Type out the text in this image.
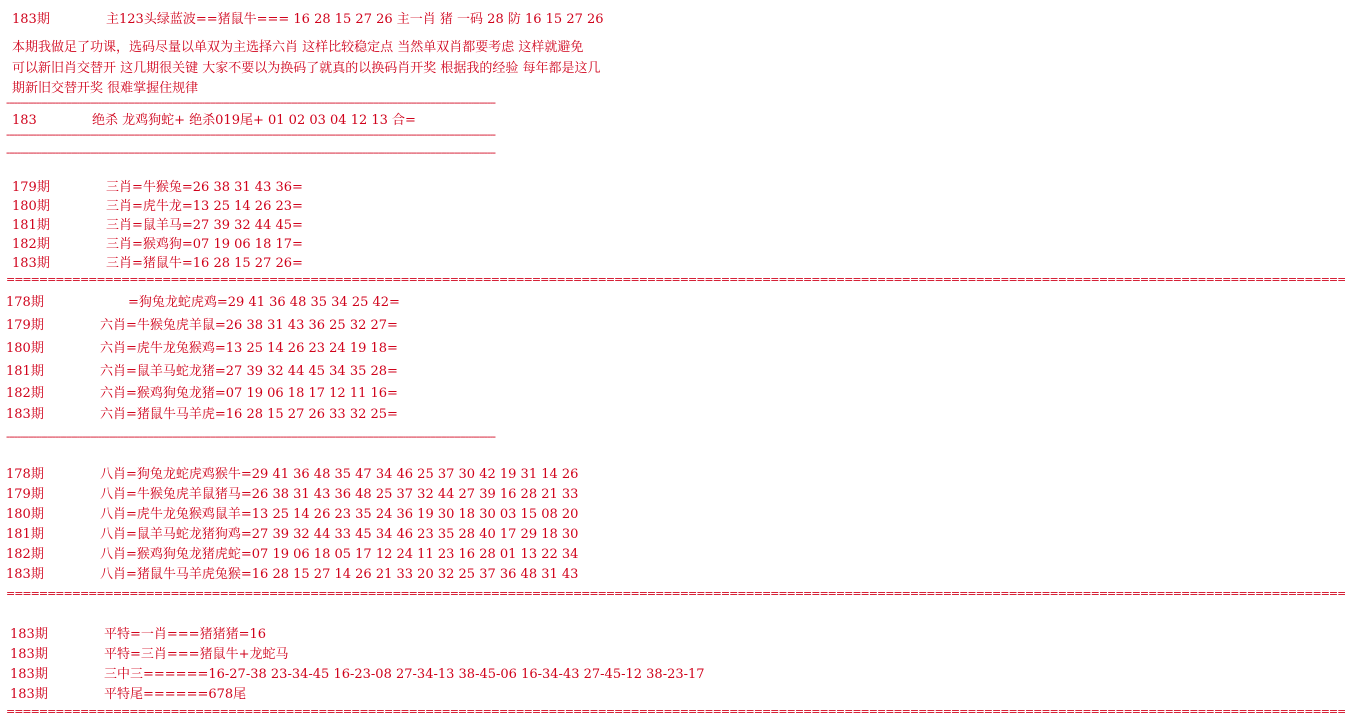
183期	主123头绿蓝波==猪鼠牛=== 16 28 15 27 26 主一肖 猪 一码 28 防 16 15 27 26
本期我做足了功课，选码尽量以单双为主选择六肖 这样比较稳定点 当然单双肖都要考虑 这样就避免
可以新旧肖交替开 这几期很关键 大家不要以为换码了就真的以换码肖开奖 根据我的经验 每年都是这几
期新旧交替开奖 很难掌握住规律
------------------------------------------------------------------------------------------------------------------------------------------------------------------------------------
183	绝杀 龙鸡狗蛇+ 绝杀019尾+ 01 02 03 04 12 13 合=
------------------------------------------------------------------------------------------------------------------------------------------------------------------------------------
------------------------------------------------------------------------------------------------------------------------------------------------------------------------------------
179期	三肖=牛猴兔=26 38 31 43 36=
180期	三肖=虎牛龙=13 25 14 26 23=
181期	三肖=鼠羊马=27 39 32 44 45=
182期	三肖=猴鸡狗=07 19 06 18 17=
183期	三肖=猪鼠牛=16 28 15 27 26=
===================================================================================================================================================================
178期	=狗兔龙蛇虎鸡=29 41 36 48 35 34 25 42=
179期	六肖=牛猴兔虎羊鼠=26 38 31 43 36 25 32 27=
180期	六肖=虎牛龙兔猴鸡=13 25 14 26 23 24 19 18=
181期	六肖=鼠羊马蛇龙猪=27 39 32 44 45 34 35 28=
182期	六肖=猴鸡狗兔龙猪=07 19 06 18 17 12 11 16=
183期	六肖=猪鼠牛马羊虎=16 28 15 27 26 33 32 25=
------------------------------------------------------------------------------------------------------------------------------------------------------------------------------------
178期	八肖=狗兔龙蛇虎鸡猴牛=29 41 36 48 35 47 34 46 25 37 30 42 19 31 14 26
179期	八肖=牛猴兔虎羊鼠猪马=26 38 31 43 36 48 25 37 32 44 27 39 16 28 21 33
180期	八肖=虎牛龙兔猴鸡鼠羊=13 25 14 26 23 35 24 36 19 30 18 30 03 15 08 20
181期	八肖=鼠羊马蛇龙猪狗鸡=27 39 32 44 33 45 34 46 23 35 28 40 17 29 18 30
182期	八肖=猴鸡狗兔龙猪虎蛇=07 19 06 18 05 17 12 24 11 23 16 28 01 13 22 34
183期	八肖=猪鼠牛马羊虎兔猴=16 28 15 27 14 26 21 33 20 32 25 37 36 48 31 43
===================================================================================================================================================================
183期	平特=一肖===猪猪猪=16
183期	平特=三肖===猪鼠牛+龙蛇马
183期	三中三======16-27-38 23-34-45 16-23-08 27-34-13 38-45-06 16-34-43 27-45-12 38-23-17
183期	平特尾======678尾
===================================================================================================================================================================
